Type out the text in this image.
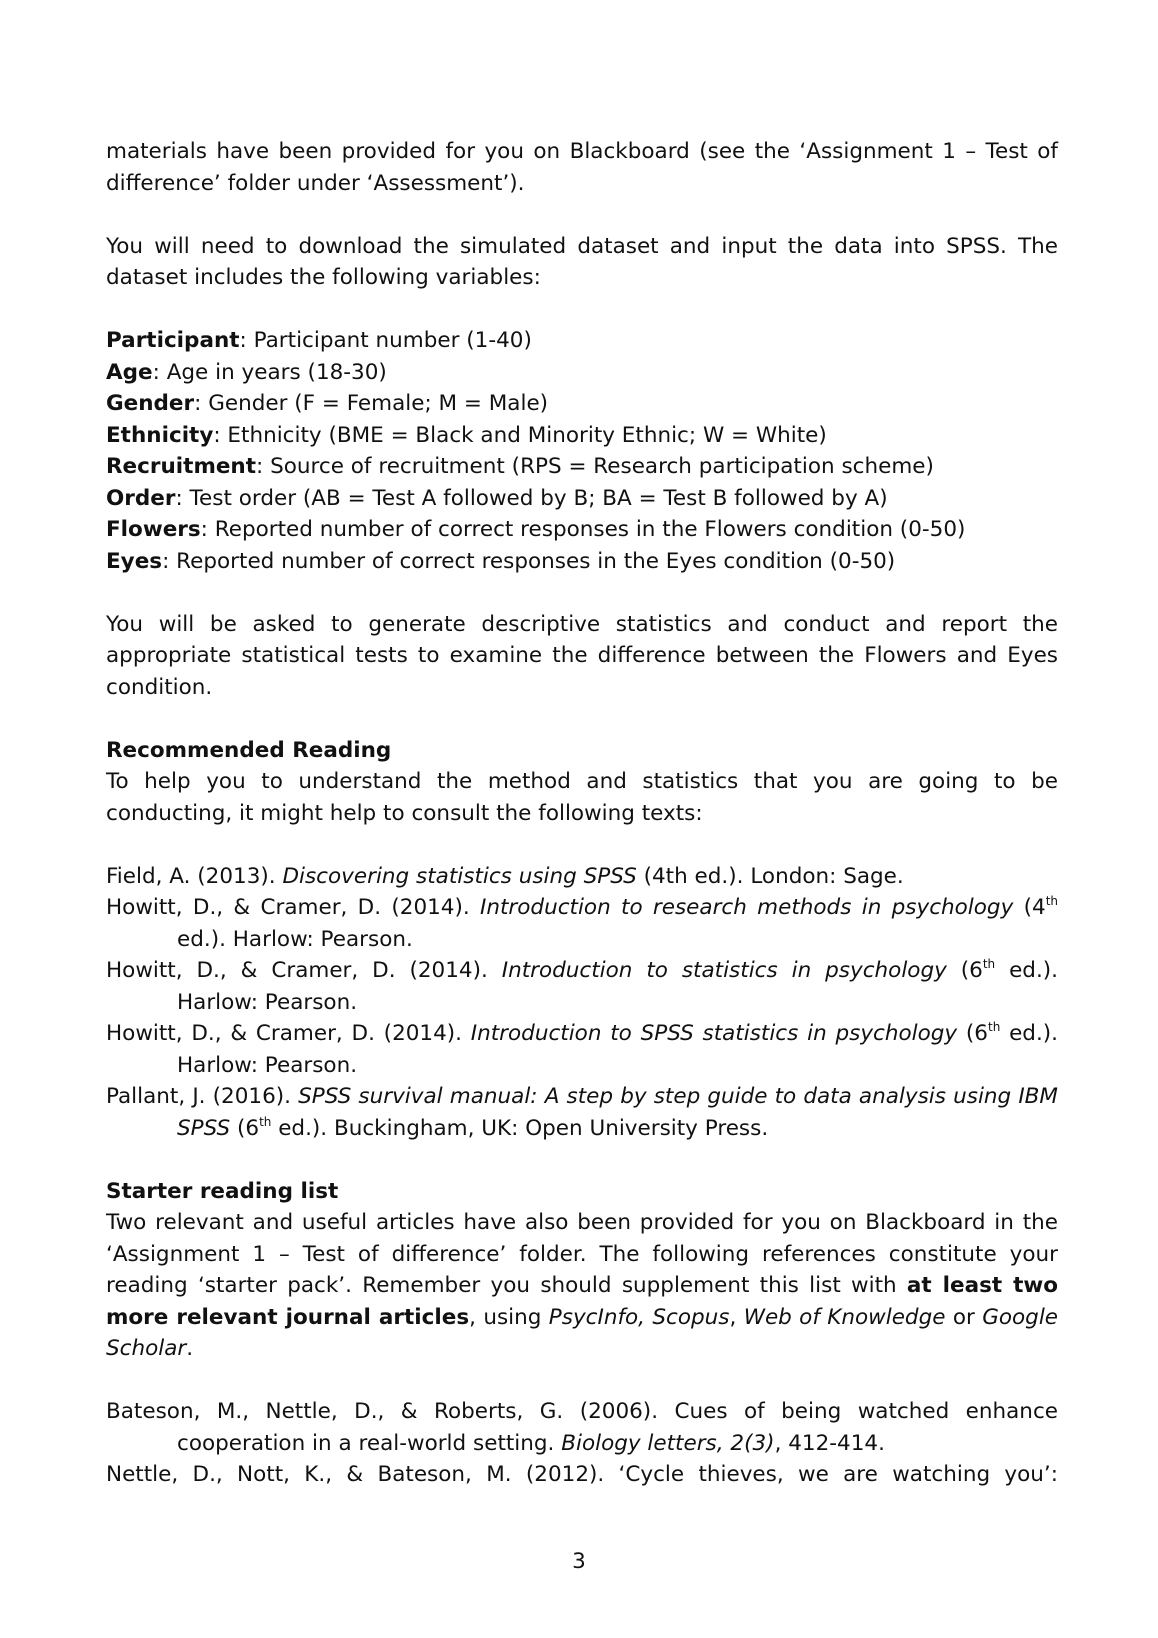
materials have been provided for you on Blackboard (see the ‘Assignment 1 – Test of difference’ folder under ‘Assessment’).

You will need to download the simulated dataset and input the data into SPSS. The dataset includes the following variables:

Participant: Participant number (1-40)

Age: Age in years (18-30)

Gender: Gender (F = Female; M = Male)

Ethnicity: Ethnicity (BME = Black and Minority Ethnic; W = White)

Recruitment: Source of recruitment (RPS = Research participation scheme)

Order: Test order (AB = Test A followed by B; BA = Test B followed by A)

Flowers: Reported number of correct responses in the Flowers condition (0-50)

Eyes: Reported number of correct responses in the Eyes condition (0-50)

You will be asked to generate descriptive statistics and conduct and report the appropriate statistical tests to examine the difference between the Flowers and Eyes condition.

Recommended Reading

To help you to understand the method and statistics that you are going to be conducting, it might help to consult the following texts:

Field, A. (2013). Discovering statistics using SPSS (4th ed.). London: Sage.

Howitt, D., & Cramer, D. (2014). Introduction to research methods in psychology (4th ed.). Harlow: Pearson.

Howitt, D., & Cramer, D. (2014). Introduction to statistics in psychology (6th ed.). Harlow: Pearson.

Howitt, D., & Cramer, D. (2014). Introduction to SPSS statistics in psychology (6th ed.). Harlow: Pearson.

Pallant, J. (2016). SPSS survival manual: A step by step guide to data analysis using IBM SPSS (6th ed.). Buckingham, UK: Open University Press.

Starter reading list

Two relevant and useful articles have also been provided for you on Blackboard in the ‘Assignment 1 – Test of difference’ folder. The following references constitute your reading ‘starter pack’. Remember you should supplement this list with at least two more relevant journal articles, using PsycInfo, Scopus, Web of Knowledge or Google Scholar.

Bateson, M., Nettle, D., & Roberts, G. (2006). Cues of being watched enhance cooperation in a real-world setting. Biology letters, 2(3), 412-414.

Nettle, D., Nott, K., & Bateson, M. (2012). ‘Cycle thieves, we are watching you’:

3
